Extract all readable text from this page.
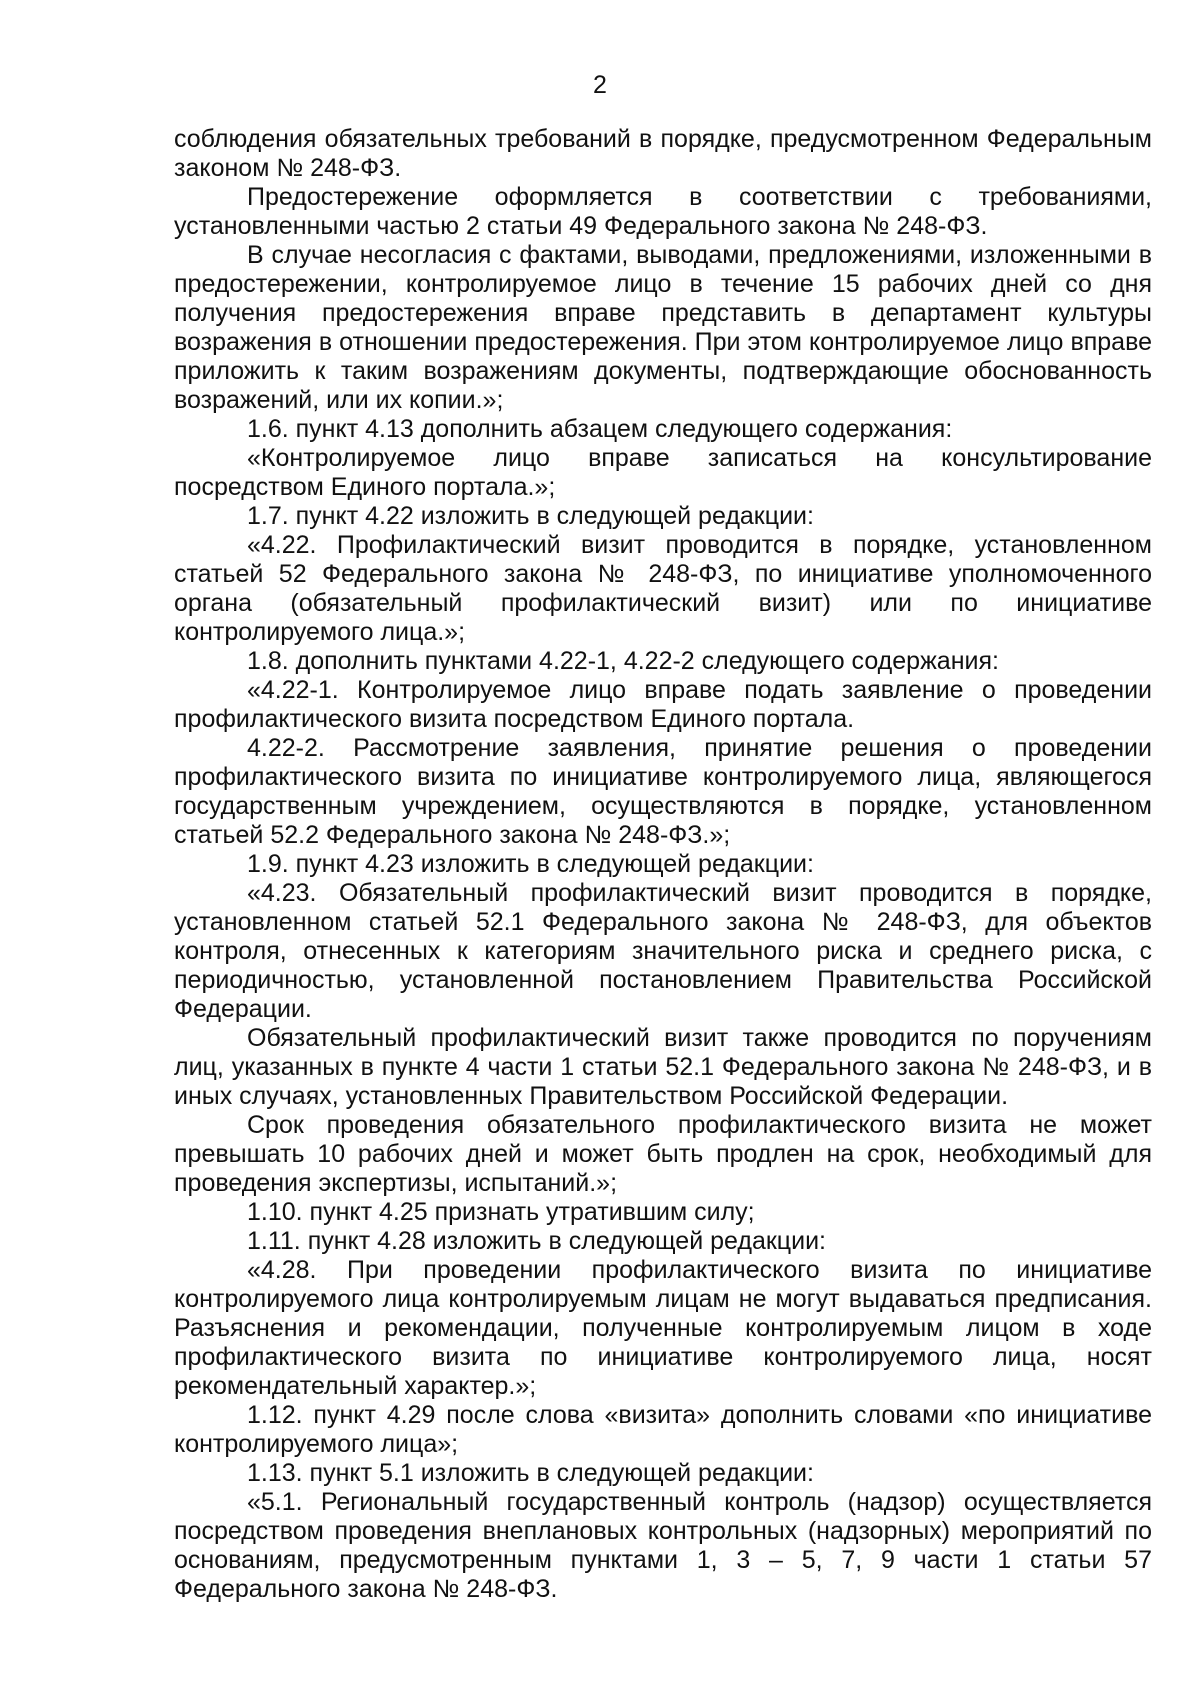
2

соблюдения обязательных требований в порядке, предусмотренном Федеральным законом № 248-ФЗ.

Предостережение оформляется в соответствии с требованиями, установленными частью 2 статьи 49 Федерального закона № 248-ФЗ.

В случае несогласия с фактами, выводами, предложениями, изложенными в предостережении, контролируемое лицо в течение 15 рабочих дней со дня получения предостережения вправе представить в департамент культуры возражения в отношении предостережения. При этом контролируемое лицо вправе приложить к таким возражениям документы, подтверждающие обоснованность возражений, или их копии.»;

1.6. пункт 4.13 дополнить абзацем следующего содержания:

«Контролируемое лицо вправе записаться на консультирование посредством Единого портала.»;

1.7. пункт 4.22 изложить в следующей редакции:

«4.22. Профилактический визит проводится в порядке, установленном статьей 52 Федерального закона № 248-ФЗ, по инициативе уполномоченного органа (обязательный профилактический визит) или по инициативе контролируемого лица.»;

1.8. дополнить пунктами 4.22-1, 4.22-2 следующего содержания:

«4.22-1. Контролируемое лицо вправе подать заявление о проведении профилактического визита посредством Единого портала.

4.22-2. Рассмотрение заявления, принятие решения о проведении профилактического визита по инициативе контролируемого лица, являющегося государственным учреждением, осуществляются в порядке, установленном статьей 52.2 Федерального закона № 248-ФЗ.»;

1.9. пункт 4.23 изложить в следующей редакции:

«4.23. Обязательный профилактический визит проводится в порядке, установленном статьей 52.1 Федерального закона № 248-ФЗ, для объектов контроля, отнесенных к категориям значительного риска и среднего риска, с периодичностью, установленной постановлением Правительства Российской Федерации.

Обязательный профилактический визит также проводится по поручениям лиц, указанных в пункте 4 части 1 статьи 52.1 Федерального закона № 248-ФЗ, и в иных случаях, установленных Правительством Российской Федерации.

Срок проведения обязательного профилактического визита не может превышать 10 рабочих дней и может быть продлен на срок, необходимый для проведения экспертизы, испытаний.»;

1.10. пункт 4.25 признать утратившим силу;

1.11. пункт 4.28 изложить в следующей редакции:

«4.28. При проведении профилактического визита по инициативе контролируемого лица контролируемым лицам не могут выдаваться предписания. Разъяснения и рекомендации, полученные контролируемым лицом в ходе профилактического визита по инициативе контролируемого лица, носят рекомендательный характер.»;

1.12. пункт 4.29 после слова «визита» дополнить словами «по инициативе контролируемого лица»;

1.13. пункт 5.1 изложить в следующей редакции:

«5.1. Региональный государственный контроль (надзор) осуществляется посредством проведения внеплановых контрольных (надзорных) мероприятий по основаниям, предусмотренным пунктами 1, 3 – 5, 7, 9 части 1 статьи 57 Федерального закона № 248-ФЗ.
